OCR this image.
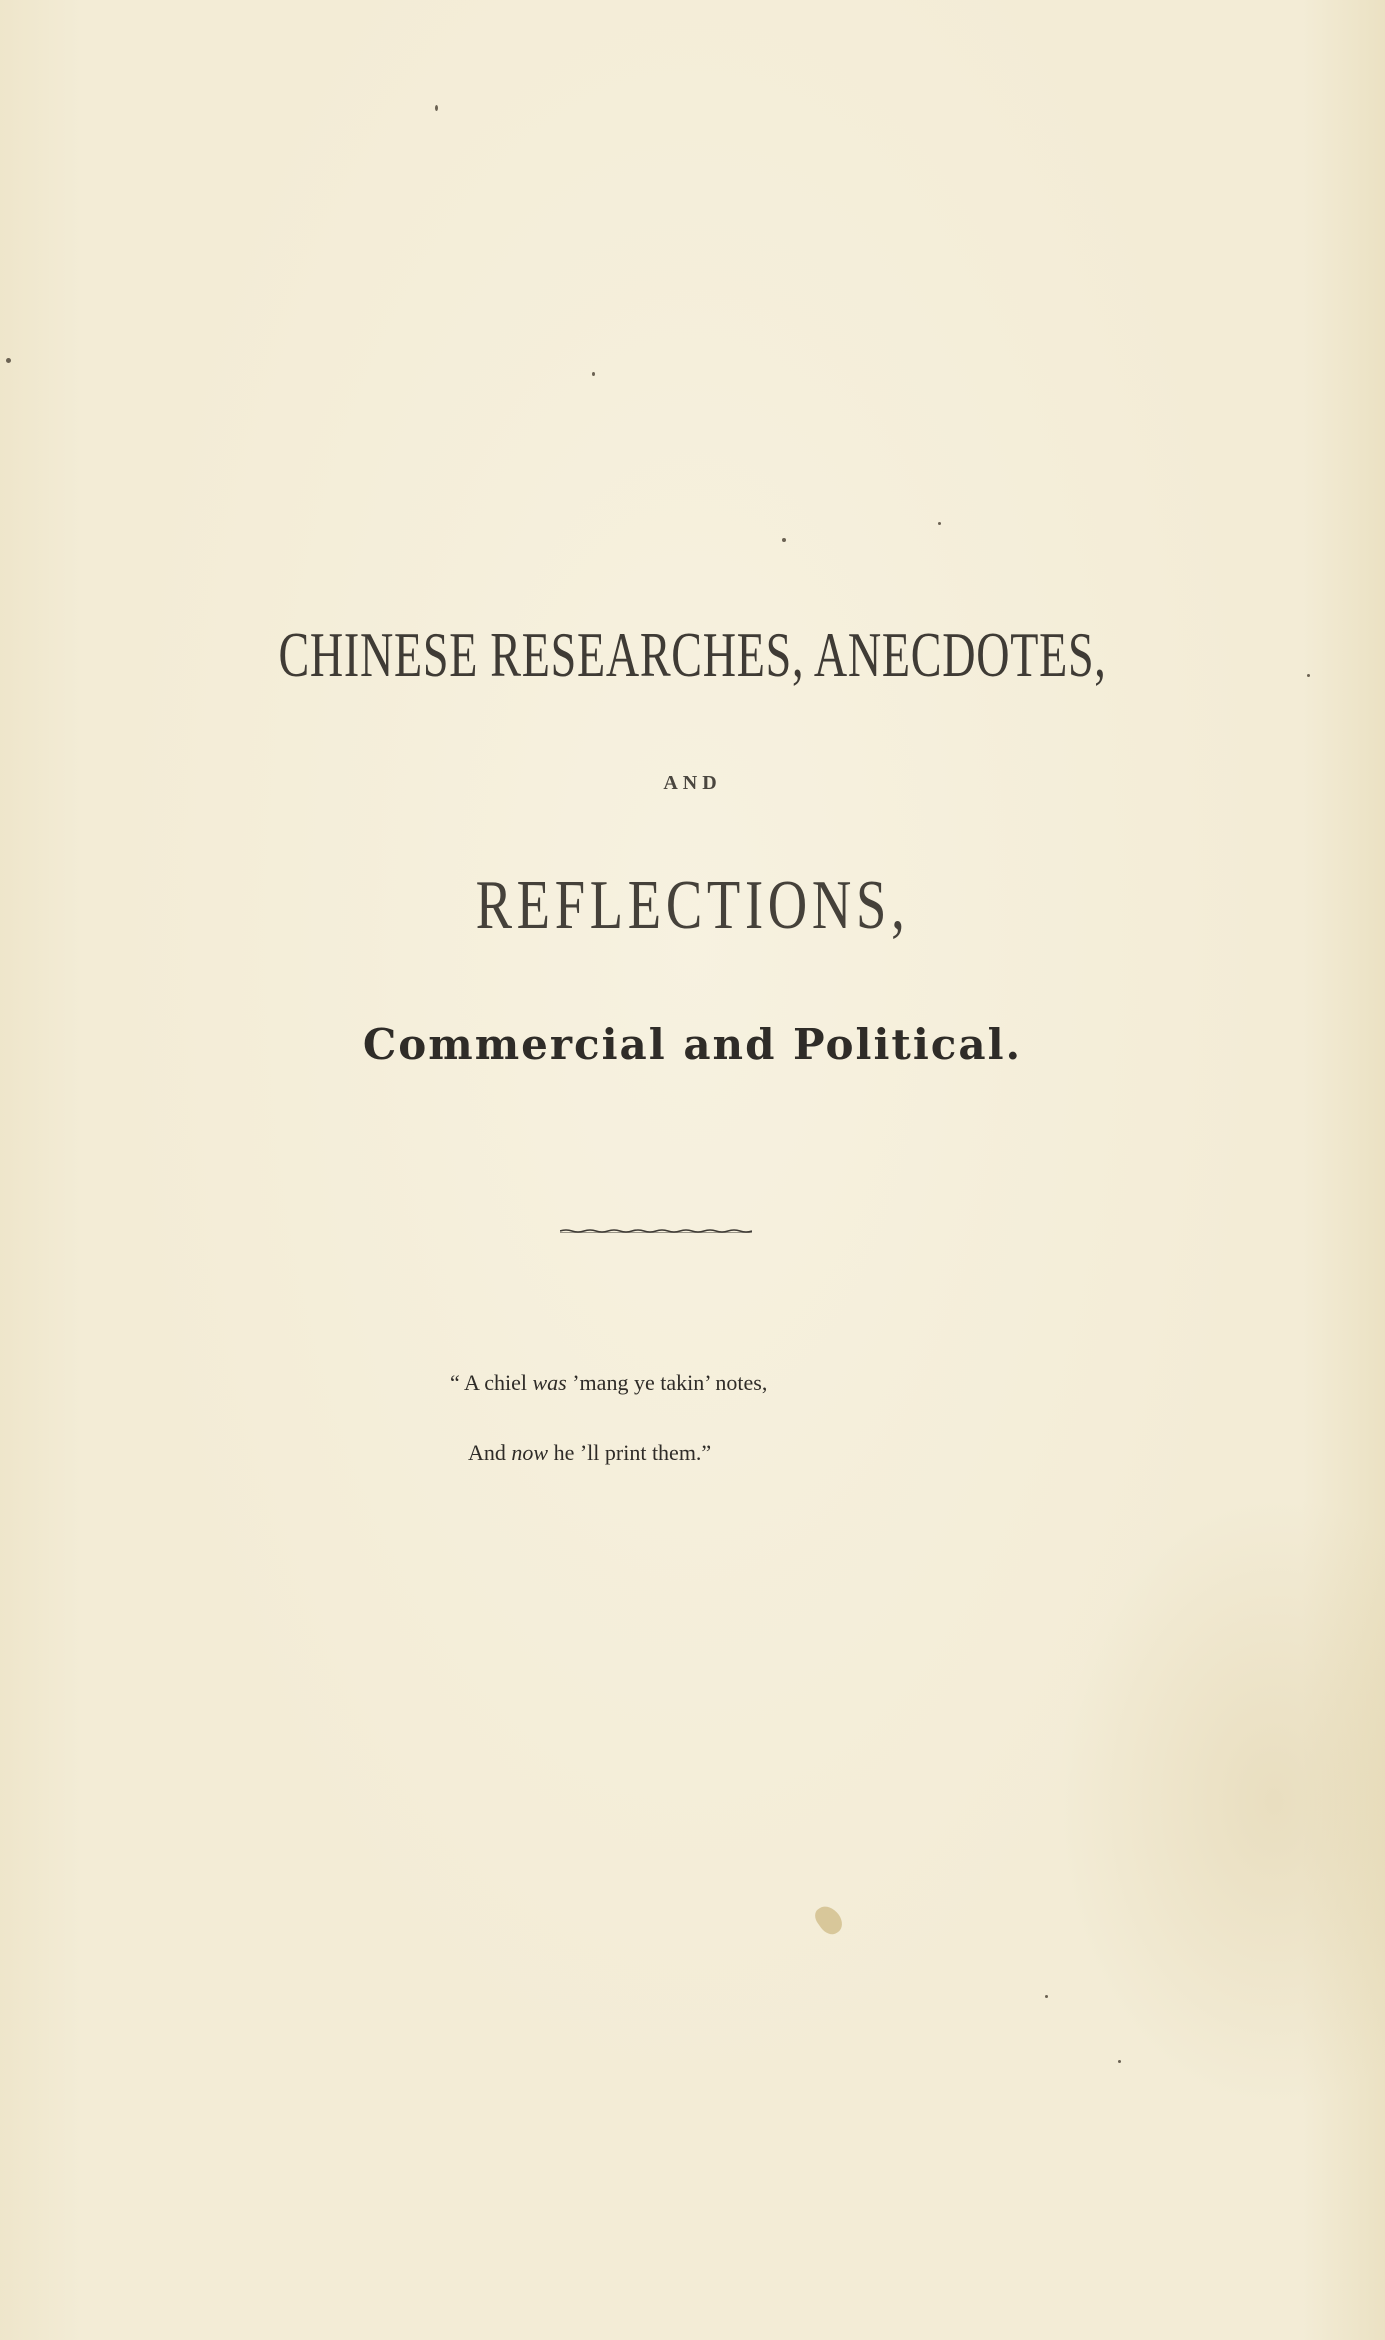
CHINESE RESEARCHES, ANECDOTES,
AND
REFLECTIONS,
Commercial and Political.
“ A chiel was ’mang ye takin’ notes,
And now he ’ll print them.”
